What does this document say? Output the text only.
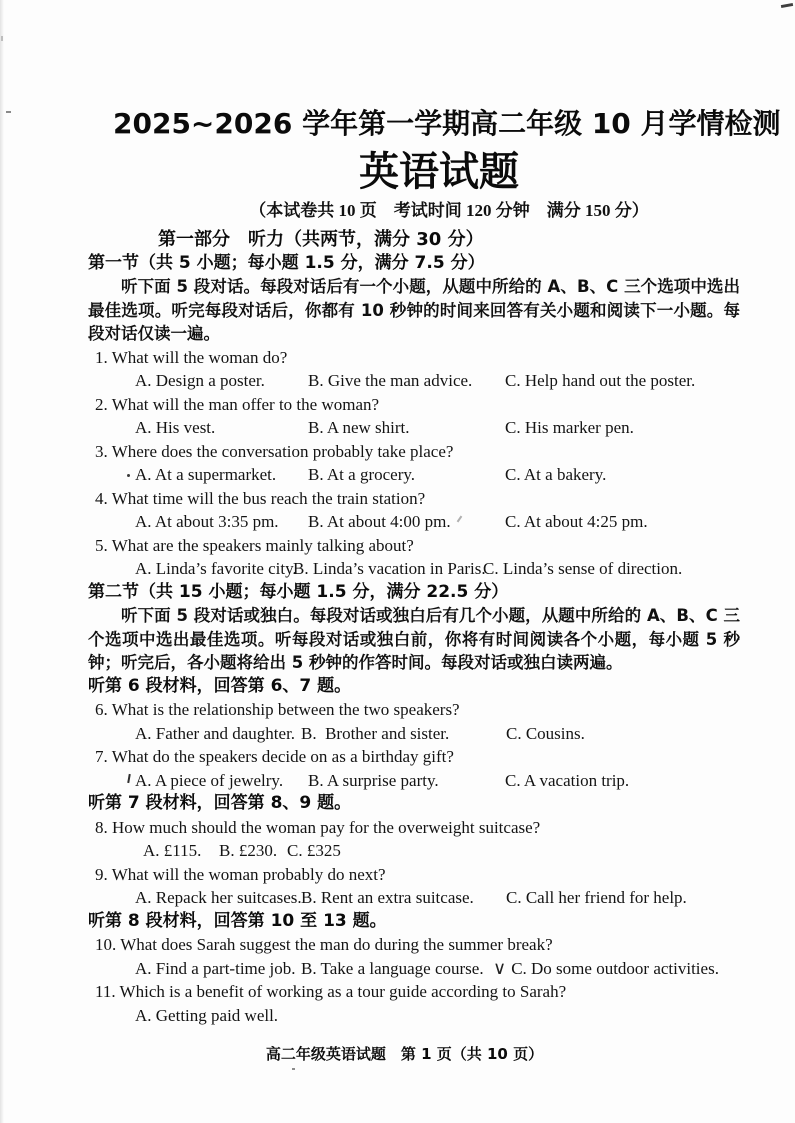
2025~2026 学年第一学期高二年级 10 月学情检测
英语试题
（本试卷共 10 页　考试时间 120 分钟　满分 150 分）
第一部分　听力（共两节，满分 30 分）
第一节（共 5 小题；每小题 1.5 分，满分 7.5 分）

听下面 5 段对话。每段对话后有一个小题，从题中所给的 A、B、C 三个选项中选出最佳选项。听完每段对话后，你都有 10 秒钟的时间来回答有关小题和阅读下一小题。每段对话仅读一遍。

1. What will the woman do?
A. Design a poster.	B. Give the man advice.	C. Help hand out the poster.
2. What will the man offer to the woman?
A. His vest.	B. A new shirt.	C. His marker pen.
3. Where does the conversation probably take place?
A. At a supermarket.	B. At a grocery.	C. At a bakery.
4. What time will the bus reach the train station?
A. At about 3:35 pm.	B. At about 4:00 pm.	C. At about 4:25 pm.
5. What are the speakers mainly talking about?
A. Linda’s favorite city.
B. Linda’s vacation in Paris.
C. Linda’s sense of direction.
第二节（共 15 小题；每小题 1.5 分，满分 22.5 分）

听下面 5 段对话或独白。每段对话或独白后有几个小题，从题中所给的 A、B、C 三个选项中选出最佳选项。听每段对话或独白前，你将有时间阅读各个小题，每小题 5 秒钟；听完后，各小题将给出 5 秒钟的作答时间。每段对话或独白读两遍。

听第 6 段材料，回答第 6、7 题。
6. What is the relationship between the two speakers?
A. Father and daughter. B.  Brother and sister.	C. Cousins.
7. What do the speakers decide on as a birthday gift?
A. A piece of jewelry.	B. A surprise party.	C. A vacation trip.
听第 7 段材料，回答第 8、9 题。
8. How much should the woman pay for the overweight suitcase?
A. £115.	B. £230. C. £325
9. What will the woman probably do next?
A. Repack her suitcases. B. Rent an extra suitcase.	C. Call her friend for help.
听第 8 段材料，回答第 10 至 13 题。
10. What does Sarah suggest the man do during the summer break?
A. Find a part-time job. B. Take a language course. ∨ C. Do some outdoor activities.
11. Which is a benefit of working as a tour guide according to Sarah?
A. Getting paid well.
高二年级英语试题　第 1 页（共 10 页）
